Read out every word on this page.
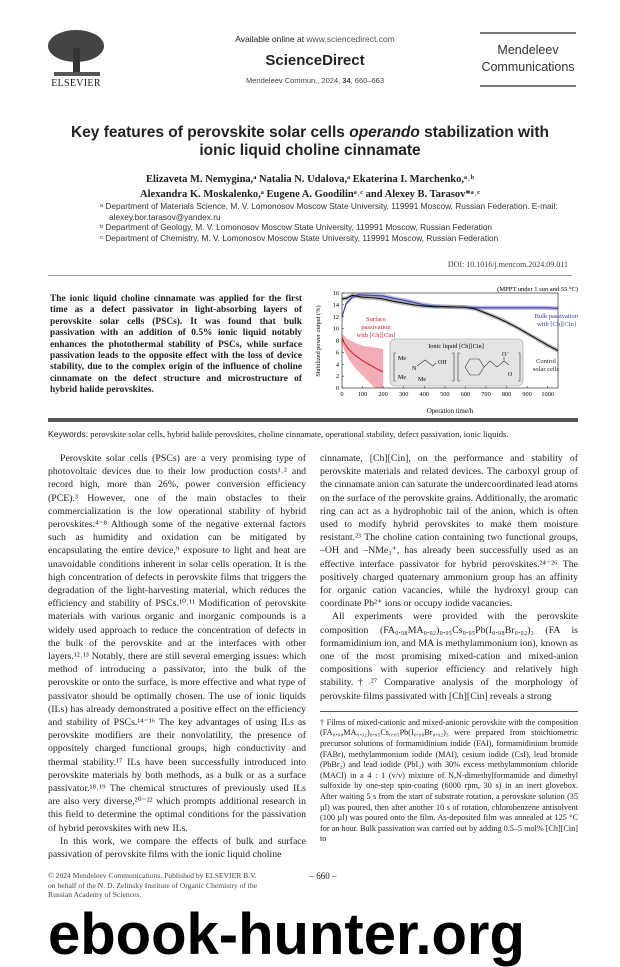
ELSEVIER
Available online at www.sciencedirect.com
ScienceDirect
Mendeleev Commun., 2024, 34, 660–663
Mendeleev
Communications
Key features of perovskite solar cells operando stabilization with ionic liquid choline cinnamate
Elizaveta M. Nemygina,ᵃ Natalia N. Udalova,ᵃ Ekaterina I. Marchenko,ᵃ˒ᵇ
Alexandra K. Moskalenko,ᵃ Eugene A. Goodilinᵃ˒ᶜ and Alexey B. Tarasov*ᵃ˒ᶜ
ᵃ Department of Materials Science, M. V. Lomonosov Moscow State University, 119991 Moscow, Russian Federation. E-mail: alexey.bor.tarasov@yandex.ru
ᵇ Department of Geology, M. V. Lomonosov Moscow State University, 119991 Moscow, Russian Federation
ᶜ Department of Chemistry, M. V. Lomonosov Moscow State University, 119991 Moscow, Russian Federation
DOI: 10.1016/j.mencom.2024.09.011
The ionic liquid choline cinnamate was applied for the first time as a defect passivator in light-absorbing layers of perovskite solar cells (PSCs). It was found that bulk passivation with an addition of 0.5% ionic liquid notably enhances the photothermal stability of PSCs, while surface passivation leads to the opposite effect with the loss of device stability, due to the complex origin of the influence of choline cinnamate on the defect structure and microstructure of hybrid halide perovskites.	0 100 200 300 400 500 600 700 800 900 1000
0
2
4
6
8
10
12
14
16
(MPPT under 1 sun and 55 °C)
Operation time/h
Stabilized power output (%)	Surface
passivation
with [Ch][Cin]
Bulk passivation
with [Ch][Cin]
Control
solar cells
Ionic liquid [Ch][Cin]
Me
Me Me
N
OH
O⁻
O
Keywords: perovskite solar cells, hybrid halide perovskites, choline cinnamate, operational stability, defect passivation, ionic liquids.

Perovskite solar cells (PSCs) are a very promising type of photovoltaic devices due to their low production costs¹˒² and record high, more than 26%, power conversion efficiency (PCE).³ However, one of the main obstacles to their commercialization is the low operational stability of hybrid perovskites.⁴⁻⁸ Although some of the negative external factors such as humidity and oxidation can be mitigated by encapsulating the entire device,⁹ exposure to light and heat are unavoidable conditions inherent in solar cells operation. It is the high concentration of defects in perovskite films that triggers the degradation of the light-harvesting material, which reduces the efficiency and stability of PSCs.¹⁰˒¹¹ Modification of perovskite materials with various organic and inorganic compounds is a widely used approach to reduce the concentration of defects in the bulk of the perovskite and at the interfaces with other layers.¹²˒¹³ Notably, there are still several emerging issues: which method of introducing a passivator, into the bulk of the perovskite or onto the surface, is more effective and what type of passivator should be optimally chosen. The use of ionic liquids (ILs) has already demonstrated a positive effect on the efficiency and stability of PSCs.¹⁴⁻¹⁶ The key advantages of using ILs as perovskite modifiers are their nonvolatility, the presence of oppositely charged functional groups, high conductivity and thermal stability.¹⁷ ILs have been successfully introduced into perovskite materials by both methods, as a bulk or as a surface passivator.¹⁸˒¹⁹ The chemical structures of previously used ILs are also very diverse,²⁰⁻²² which prompts additional research in this field to determine the optimal conditions for the passivation of hybrid perovskites with new ILs.

In this work, we compare the effects of bulk and surface passivation of perovskite films with the ionic liquid choline

cinnamate, [Ch][Cin], on the performance and stability of perovskite materials and related devices. The carboxyl group of the cinnamate anion can saturate the undercoordinated lead atoms on the surface of the perovskite grains. Additionally, the aromatic ring can act as a hydrophobic tail of the anion, which is often used to modify hybrid perovskites to make them moisture resistant.²³ The choline cation containing two functional groups, –OH and –NMe₃⁺, has already been successfully used as an effective interface passivator for hybrid perovskites.²⁴⁻²⁶ The positively charged quaternary ammonium group has an affinity for organic cation vacancies, while the hydroxyl group can coordinate Pb²⁺ ions or occupy iodide vacancies.

All experiments were provided with the perovskite composition (FA₀.₉₈MA₀.₀₂)₀.₉₅Cs₀.₀₅Pb(I₀.₉₈Br₀.₀₂)₃ (FA is formamidinium ion, and MA is methylammonium ion), known as one of the most promising mixed-cation and mixed-anion compositions with superior efficiency and relatively high stability.†˒²⁷ Comparative analysis of the morphology of perovskite films passivated with [Ch][Cin] reveals a strong

† Films of mixed-cationic and mixed-anionic perovskite with the composition (FA₀.₉₈MA₀.₀₂)₀.₉₅Cs₀.₀₅Pb(I₀.₉₈Br₀.₀₂)₃ were prepared from stoichiometric precursor solutions of formamidinium iodide (FAI), formamidinium bromide (FABr), methylammonium iodide (MAI), cesium iodide (CsI), lead bromide (PbBr₂) and lead iodide (PbI₂) with 30% excess methylammonium chloride (MACl) in a 4 : 1 (v/v) mixture of N,N-dimethylformamide and dimethyl sulfoxide by one-step spin-coating (6000 rpm, 30 s) in an inert glovebox. After waiting 5 s from the start of substrate rotation, a perovskite solution (35 µl) was poured, then after another 10 s of rotation, chlorobenzene antisolvent (100 µl) was poured onto the film. As-deposited film was annealed at 125 °C for an hour. Bulk passivation was carried out by adding 0.5–5 mol% [Ch][Cin] to
© 2024 Mendeleev Communications. Published by ELSEVIER B.V.
on behalf of the N. D. Zelinsky Institute of Organic Chemistry of the
Russian Academy of Sciences.
– 660 –
ebook-hunter.org
